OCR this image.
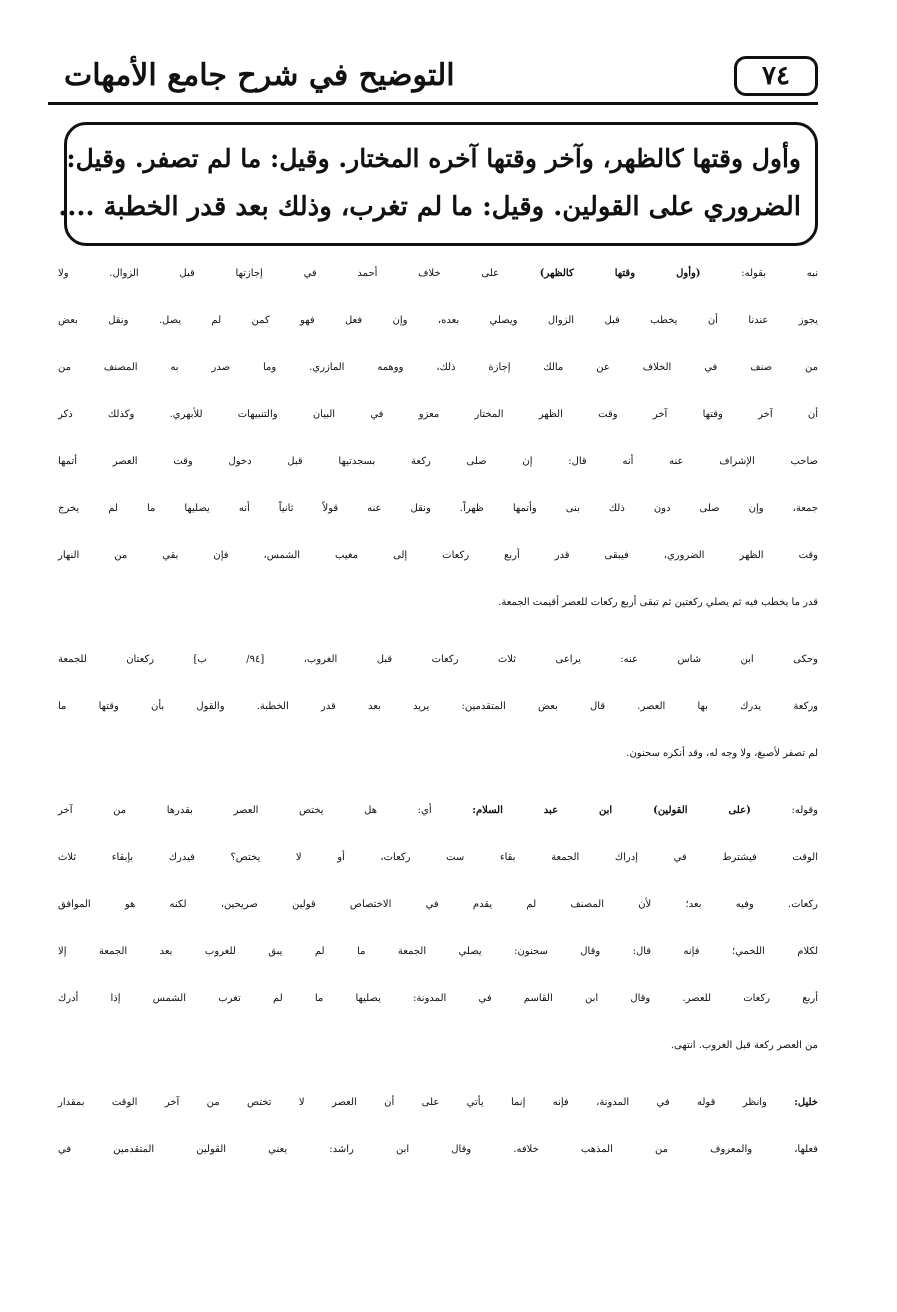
٧٤
التوضيح في شرح جامع الأمهات
وأول وقتها كالظهر، وآخر وقتها آخره المختار. وقيل: ما لم تصفر. وقيل:
الضروري على القولين. وقيل: ما لم تغرب، وذلك بعد قدر الخطبة ....
نبه بقوله: (وأول وقتها كالظهر) على خلاف أحمد في إجازتها قبل الزوال. ولا
يجوز عندنا أن يخطب قبل الزوال ويصلي بعده، وإن فعل فهو كمن لم يصل. ونقل بعض
من صنف في الخلاف عن مالك إجازة ذلك، ووهمه المازري. وما صدر به المصنف من
أن آخر وقتها آخر وقت الظهر المختار معزو في البيان والتنبيهات للأبهري. وكذلك ذكر
صاحب الإشراف عنه أنه قال: إن صلى ركعة بسجدتيها قبل دخول وقت العصر أتمها
جمعة، وإن صلى دون ذلك بنى وأتمها ظهراً. ونقل عنه قولاً ثانياً أنه يصليها ما لم يخرج
وقت الظهر الضروري، فيبقى قدر أربع ركعات إلى مغيب الشمس، فإن بقي من النهار
قدر ما يخطب فيه ثم يصلي ركعتين ثم تبقى أربع ركعات للعصر أقيمت الجمعة.
وحكى ابن شاس عنه: يراعى ثلاث ركعات قبل الغروب، [٩٤/ ب] ركعتان للجمعة
وركعة يدرك بها العصر. قال بعض المتقدمين: يريد بعد قدر الخطبة. والقول بأن وقتها ما
لم تصفر لأصبغ، ولا وجه له، وقد أنكره سحنون.
وقوله: (على القولين) ابن عبد السلام: أي: هل يختص العصر بقدرها من آخر
الوقت فيشترط في إدراك الجمعة بقاء ست ركعات، أو لا يختص؟ فيدرك بإبقاء ثلاث
ركعات. وفيه بعد؛ لأن المصنف لم يقدم في الاختصاص قولين صريحين، لكنه هو الموافق
لكلام اللخمي؛ فإنه قال: وقال سحنون: يصلي الجمعة ما لم يبق للغروب بعد الجمعة إلا
أربع ركعات للعصر. وقال ابن القاسم في المدونة: يصليها ما لم تغرب الشمس إذا أدرك
من العصر ركعة قبل الغروب. انتهى.
خليل: وانظر قوله في المدونة، فإنه إنما يأتي على أن العصر لا تختص من آخر الوقت بمقدار
فعلها، والمعروف من المذهب خلافه. وقال ابن راشد: يعني القولين المتقدمين في
